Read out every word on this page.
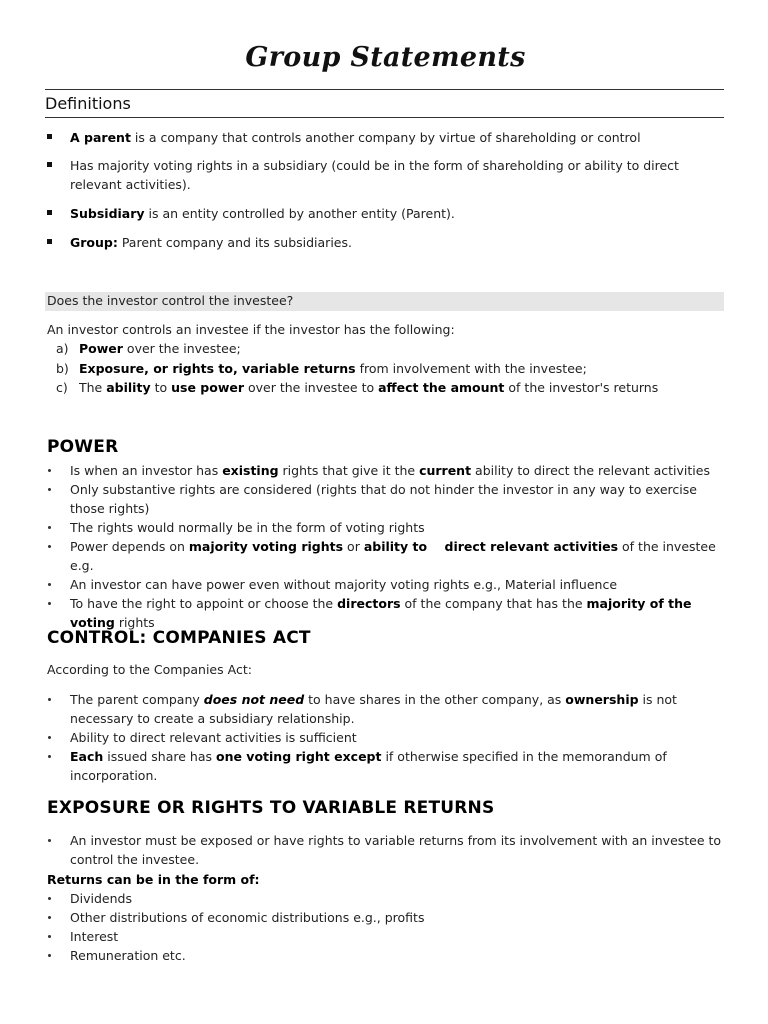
Group Statements
Definitions
A parent is a company that controls another company by virtue of shareholding or control
Has majority voting rights in a subsidiary (could be in the form of shareholding or ability to direct relevant activities).
Subsidiary is an entity controlled by another entity (Parent).
Group: Parent company and its subsidiaries.
Does the investor control the investee?
An investor controls an investee if the investor has the following:
a) Power over the investee;
b) Exposure, or rights to, variable returns from involvement with the investee;
c) The ability to use power over the investee to affect the amount of the investor's returns
POWER
Is when an investor has existing rights that give it the current ability to direct the relevant activities
Only substantive rights are considered (rights that do not hinder the investor in any way to exercise those rights)
The rights would normally be in the form of voting rights
Power depends on majority voting rights or ability to    direct relevant activities of the investee e.g.
An investor can have power even without majority voting rights e.g., Material influence
To have the right to appoint or choose the directors of the company that has the majority of the voting rights
CONTROL: COMPANIES ACT
According to the Companies Act:
The parent company does not need to have shares in the other company, as ownership is not necessary to create a subsidiary relationship.
Ability to direct relevant activities is sufficient
Each issued share has one voting right except if otherwise specified in the memorandum of incorporation.
EXPOSURE OR RIGHTS TO VARIABLE RETURNS
An investor must be exposed or have rights to variable returns from its involvement with an investee to control the investee.
Returns can be in the form of:
Dividends
Other distributions of economic distributions e.g., profits
Interest
Remuneration etc.
